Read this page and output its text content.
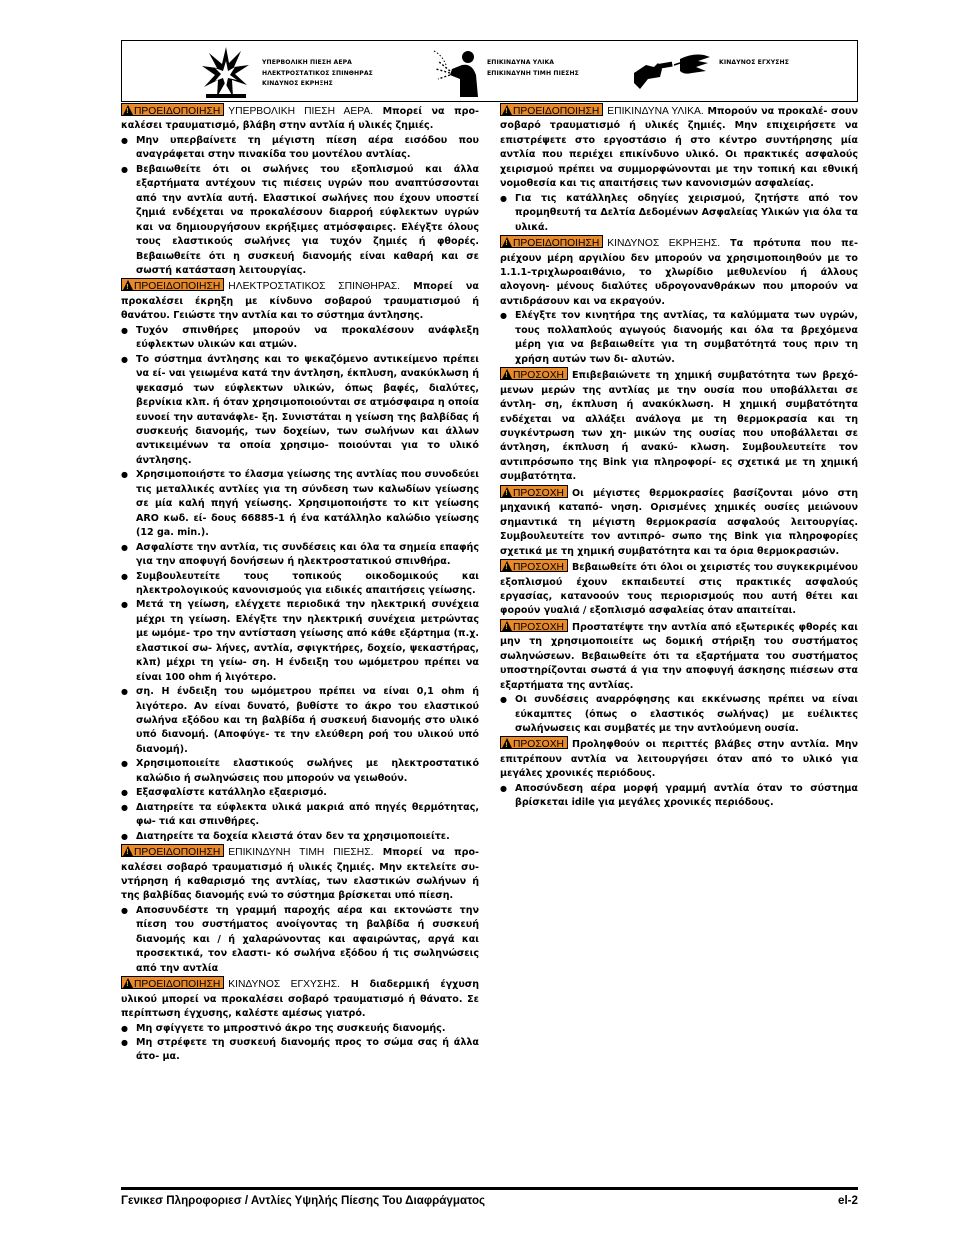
ΥΠΕΡΒΟΛΙΚΗ ΠΙΕΣΗ ΑΕΡΑ
ΗΛΕΚΤΡΟΣΤΑΤΙΚΟΣ ΣΠΙΝΘΗΡΑΣ
ΚΙΝΔΥΝΟΣ ΕΚΡΗΞΗΣ
ΕΠΙΚΙΝΔΥΝΑ ΥΛΙΚΑ
ΕΠΙΚΙΝΔΥΝΗ ΤΙΜΗ ΠΙΕΣΗΣ
ΚΙΝΔΥΝΟΣ ΕΓΧΥΣΗΣ

!ΠΡΟΕΙΔΟΠΟΙΗΣΗ ΥΠΕΡΒΟΛΙΚΗ ΠΙΕΣΗ ΑΕΡΑ. Μπορεί να προ- καλέσει τραυματισμό, βλάβη στην αντλία ή υλικές ζημιές.

● Μην υπερβαίνετε τη μέγιστη πίεση αέρα εισόδου που αναγράφεται στην πινακίδα του μοντέλου αντλίας.

● Βεβαιωθείτε ότι οι σωλήνες του εξοπλισμού και άλλα εξαρτήματα αντέχουν τις πιέσεις υγρών που αναπτύσσονται από την αντλία αυτή. Ελαστικοί σωλήνες που έχουν υποστεί ζημιά ενδέχεται να προκαλέσουν διαρροή εύφλεκτων υγρών και να δημιουργήσουν εκρήξιμες ατμόσφαιρες. Ελέγξτε όλους τους ελαστικούς σωλήνες για τυχόν ζημιές ή φθορές. Βεβαιωθείτε ότι η συσκευή διανομής είναι καθαρή και σε σωστή κατάσταση λειτουργίας.

!ΠΡΟΕΙΔΟΠΟΙΗΣΗ ΗΛΕΚΤΡΟΣΤΑΤΙΚΟΣ ΣΠΙΝΘΗΡΑΣ. Μπορεί να προκαλέσει έκρηξη με κίνδυνο σοβαρού τραυματισμού ή θανάτου. Γειώστε την αντλία και το σύστημα άντλησης.

● Τυχόν σπινθήρες μπορούν να προκαλέσουν ανάφλεξη εύφλεκτων υλικών και ατμών.

● Το σύστημα άντλησης και το ψεκαζόμενο αντικείμενο πρέπει να εί- ναι γειωμένα κατά την άντληση, έκπλυση, ανακύκλωση ή ψεκασμό των εύφλεκτων υλικών, όπως βαφές, διαλύτες, βερνίκια κλπ. ή όταν χρησιμοποιούνται σε ατμόσφαιρα η οποία ευνοεί την αυτανάφλε- ξη. Συνιστάται η γείωση της βαλβίδας ή συσκευής διανομής, των δοχείων, των σωλήνων και άλλων αντικειμένων τα οποία χρησιμο- ποιούνται για το υλικό άντλησης.

● Χρησιμοποιήστε το έλασμα γείωσης της αντλίας που συνοδεύει τις μεταλλικές αντλίες για τη σύνδεση των καλωδίων γείωσης σε μία καλή πηγή γείωσης. Χρησιμοποιήστε το κιτ γείωσης ARO κωδ. εί- δους 66885-1 ή ένα κατάλληλο καλώδιο γείωσης (12 ga. min.).

● Ασφαλίστε την αντλία, τις συνδέσεις και όλα τα σημεία επαφής για την αποφυγή δονήσεων ή ηλεκτροστατικού σπινθήρα.

● Συμβουλευτείτε τους τοπικούς οικοδομικούς και ηλεκτρολογικούς κανονισμούς για ειδικές απαιτήσεις γείωσης.

● Μετά τη γείωση, ελέγχετε περιοδικά την ηλεκτρική συνέχεια μέχρι τη γείωση. Ελέγξτε την ηλεκτρική συνέχεια μετρώντας με ωμόμε- τρο την αντίσταση γείωσης από κάθε εξάρτημα (π.χ. ελαστικοί σω- λήνες, αντλία, σφιγκτήρες, δοχείο, ψεκαστήρας, κλπ) μέχρι τη γείω- ση. Η ένδειξη του ωμόμετρου πρέπει να είναι 100 ohm ή λιγότερο.

● ση. Η ένδειξη του ωμόμετρου πρέπει να είναι 0,1 ohm ή λιγότερο. Αν είναι δυνατό, βυθίστε το άκρο του ελαστικού σωλήνα εξόδου και τη βαλβίδα ή συσκευή διανομής στο υλικό υπό διανομή. (Αποφύγε- τε την ελεύθερη ροή του υλικού υπό διανομή).

● Χρησιμοποιείτε ελαστικούς σωλήνες με ηλεκτροστατικό καλώδιο ή σωληνώσεις που μπορούν να γειωθούν.

● Εξασφαλίστε κατάλληλο εξαερισμό.

● Διατηρείτε τα εύφλεκτα υλικά μακριά από πηγές θερμότητας, φω- τιά και σπινθήρες.

● Διατηρείτε τα δοχεία κλειστά όταν δεν τα χρησιμοποιείτε.

!ΠΡΟΕΙΔΟΠΟΙΗΣΗ ΕΠΙΚΙΝΔΥΝΗ ΤΙΜΗ ΠΙΕΣΗΣ. Μπορεί να προ- καλέσει σοβαρό τραυματισμό ή υλικές ζημιές. Μην εκτελείτε συ- ντήρηση ή καθαρισμό της αντλίας, των ελαστικών σωλήνων ή της βαλβίδας διανομής ενώ το σύστημα βρίσκεται υπό πίεση.

● Αποσυνδέστε τη γραμμή παροχής αέρα και εκτονώστε την πίεση του συστήματος ανοίγοντας τη βαλβίδα ή συσκευή διανομής και / ή χαλαρώνοντας και αφαιρώντας, αργά και προσεκτικά, τον ελαστι- κό σωλήνα εξόδου ή τις σωληνώσεις από την αντλία

!ΠΡΟΕΙΔΟΠΟΙΗΣΗ ΚΙΝΔΥΝΟΣ ΕΓΧΥΣΗΣ. Η διαδερμική έγχυση υλικού μπορεί να προκαλέσει σοβαρό τραυματισμό ή θάνατο. Σε περίπτωση έγχυσης, καλέστε αμέσως γιατρό.

● Μη σφίγγετε το μπροστινό άκρο της συσκευής διανομής.

● Μη στρέφετε τη συσκευή διανομής προς το σώμα σας ή άλλα άτο- μα.

!ΠΡΟΕΙΔΟΠΟΙΗΣΗ ΕΠΙΚΙΝΔΥΝΑ ΥΛΙΚΑ. Μπορούν να προκαλέ- σουν σοβαρό τραυματισμό ή υλικές ζημιές. Μην επιχειρήσετε να επιστρέψετε στο εργοστάσιο ή στο κέντρο συντήρησης μία αντλία που περιέχει επικίνδυνο υλικό. Οι πρακτικές ασφαλούς χειρισμού πρέπει να συμμορφώνονται με την τοπική και εθνική νομοθεσία και τις απαιτήσεις των κανονισμών ασφαλείας.

● Για τις κατάλληλες οδηγίες χειρισμού, ζητήστε από τον προμηθευτή τα Δελτία Δεδομένων Ασφαλείας Υλικών για όλα τα υλικά.

!ΠΡΟΕΙΔΟΠΟΙΗΣΗ ΚΙΝΔΥΝΟΣ ΕΚΡΗΞΗΣ. Τα πρότυπα που πε- ριέχουν μέρη αργιλίου δεν μπορούν να χρησιμοποιηθούν με το 1.1.1-τριχλωροαιθάνιο, το χλωρίδιο μεθυλενίου ή άλλους αλογονη- μένους διαλύτες υδρογονανθράκων που μπορούν να αντιδράσουν και να εκραγούν.

● Ελέγξτε τον κινητήρα της αντλίας, τα καλύμματα των υγρών, τους πολλαπλούς αγωγούς διανομής και όλα τα βρεχόμενα μέρη για να βεβαιωθείτε για τη συμβατότητά τους πριν τη χρήση αυτών των δι- αλυτών.

!ΠΡΟΣΟΧΗ Επιβεβαιώνετε τη χημική συμβατότητα των βρεχό- μενων μερών της αντλίας με την ουσία που υποβάλλεται σε άντλη- ση, έκπλυση ή ανακύκλωση. Η χημική συμβατότητα ενδέχεται να αλλάξει ανάλογα με τη θερμοκρασία και τη συγκέντρωση των χη- μικών της ουσίας που υποβάλλεται σε άντληση, έκπλυση ή ανακύ- κλωση. Συμβουλευτείτε τον αντιπρόσωπο της Bink για πληροφορί- ες σχετικά με τη χημική συμβατότητα.

!ΠΡΟΣΟΧΗ Οι μέγιστες θερμοκρασίες βασίζονται μόνο στη μηχανική καταπό- νηση. Ορισμένες χημικές ουσίες μειώνουν σημαντικά τη μέγιστη θερμοκρασία ασφαλούς λειτουργίας. Συμβουλευτείτε τον αντιπρό- σωπο της Bink για πληροφορίες σχετικά με τη χημική συμβατότητα και τα όρια θερμοκρασιών.

!ΠΡΟΣΟΧΗ Βεβαιωθείτε ότι όλοι οι χειριστές του συγκεκριμένου εξοπλισμού έχουν εκπαιδευτεί στις πρακτικές ασφαλούς εργασίας, κατανοούν τους περιορισμούς που αυτή θέτει και φορούν γυαλιά / εξοπλισμό ασφαλείας όταν απαιτείται.

!ΠΡΟΣΟΧΗ Προστατέψτε την αντλία από εξωτερικές φθορές και μην τη χρησιμοποιείτε ως δομική στήριξη του συστήματος σωληνώσεων. Βεβαιωθείτε ότι τα εξαρτήματα του συστήματος υποστηρίζονται σωστά ά για την αποφυγή άσκησης πιέσεων στα εξαρτήματα της αντλίας.

● Οι συνδέσεις αναρρόφησης και εκκένωσης πρέπει να είναι εύκαμπτες (όπως ο ελαστικός σωλήνας) με ευέλικτες σωλήνωσεις και συμβατές με την αντλούμενη ουσία.

!ΠΡΟΣΟΧΗ Προληφθούν οι περιττές βλάβες στην αντλία. Μην επιτρέπουν αντλία να λειτουργήσει όταν από το υλικό για μεγάλες χρονικές περιόδους.

● Αποσύνδεση αέρα μορφή γραμμή αντλία όταν το σύστημα βρίσκεται idile για μεγάλες χρονικές περιόδους.

Γενικεσ Πληροφοριεσ / Αντλίες Υψηλής Πίεσης Του Διαφράγματος	el-2
